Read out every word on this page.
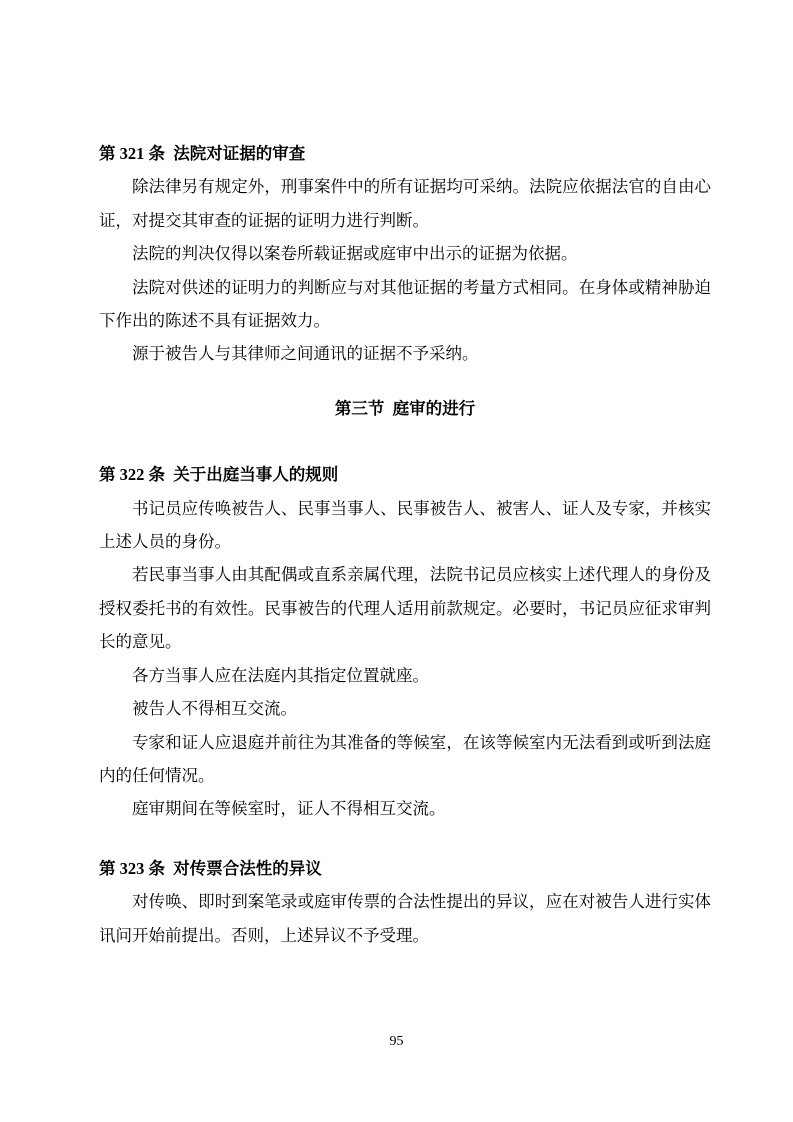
第 321 条  法院对证据的审查

除法律另有规定外，刑事案件中的所有证据均可采纳。法院应依据法官的自由心证，对提交其审查的证据的证明力进行判断。

法院的判决仅得以案卷所载证据或庭审中出示的证据为依据。

法院对供述的证明力的判断应与对其他证据的考量方式相同。在身体或精神胁迫下作出的陈述不具有证据效力。

源于被告人与其律师之间通讯的证据不予采纳。

第三节  庭审的进行
第 322 条  关于出庭当事人的规则

书记员应传唤被告人、民事当事人、民事被告人、被害人、证人及专家，并核实上述人员的身份。

若民事当事人由其配偶或直系亲属代理，法院书记员应核实上述代理人的身份及授权委托书的有效性。民事被告的代理人适用前款规定。必要时，书记员应征求审判长的意见。

各方当事人应在法庭内其指定位置就座。

被告人不得相互交流。

专家和证人应退庭并前往为其准备的等候室，在该等候室内无法看到或听到法庭内的任何情况。

庭审期间在等候室时，证人不得相互交流。

第 323 条  对传票合法性的异议

对传唤、即时到案笔录或庭审传票的合法性提出的异议，应在对被告人进行实体讯问开始前提出。否则，上述异议不予受理。

95
